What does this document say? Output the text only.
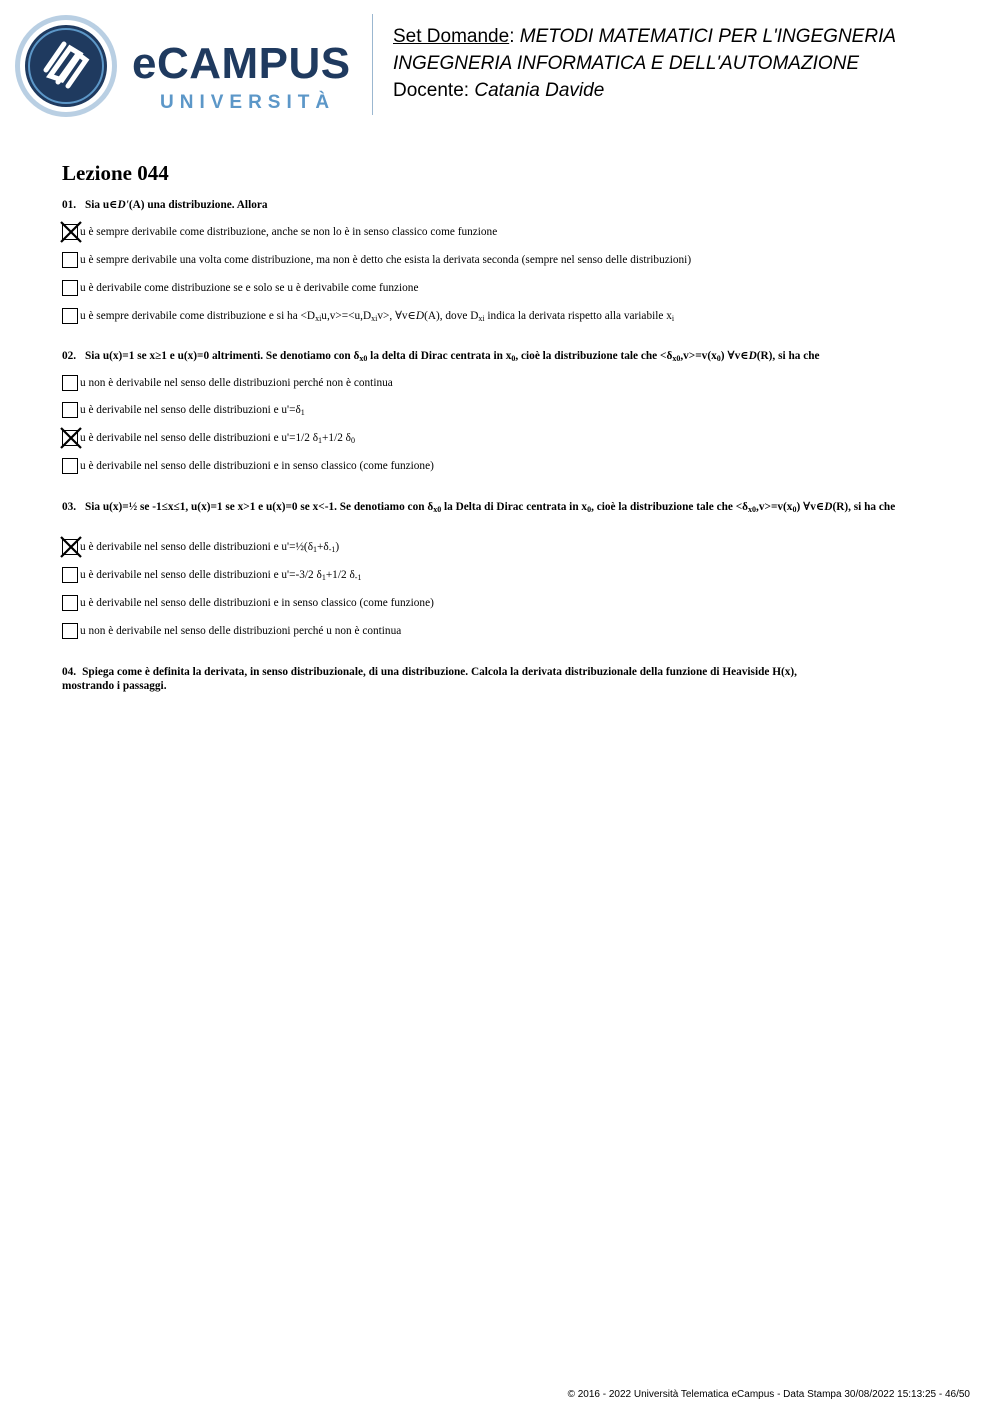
eCAMPUS
UNIVERSITÀ
Set Domande: METODI MATEMATICI PER L'INGEGNERIA
INGEGNERIA INFORMATICA E DELL'AUTOMAZIONE
Docente: Catania Davide
Lezione 044
01. Sia u∈D'(A) una distribuzione. Allora
u è sempre derivabile come distribuzione, anche se non lo è in senso classico come funzione
u è sempre derivabile una volta come distribuzione, ma non è detto che esista la derivata seconda (sempre nel senso delle distribuzioni)
u è derivabile come distribuzione se e solo se u è derivabile come funzione
u è sempre derivabile come distribuzione e si ha $<D_{xi}u,v>=<u,D_{xi}v>$, ∀v∈D(A), dove $D_{xi}$ indica la derivata rispetto alla variabile $x_i$
02. Sia u(x)=1 se x≥1 e u(x)=0 altrimenti. Se denotiamo con $\delta_{x0}$ la delta di Dirac centrata in $x_0$, cioè la distribuzione tale che $<\delta_{x0},v>=v(x_0)$ ∀v∈D(R), si ha che
u non è derivabile nel senso delle distribuzioni perché non è continua
u è derivabile nel senso delle distribuzioni e $u'=\delta_1$
u è derivabile nel senso delle distribuzioni e u'=1/2 $\delta_1+1/2$ $\delta_0$
u è derivabile nel senso delle distribuzioni e in senso classico (come funzione)
03. Sia u(x)=½ se -1≤x≤1, u(x)=1 se x>1 e u(x)=0 se x<-1. Se denotiamo con $\delta_{x0}$ la Delta di Dirac centrata in $x_0$, cioè la distribuzione tale che $<\delta_{x0},v>=v(x_0)$ ∀v∈D(R), si ha che
u è derivabile nel senso delle distribuzioni e $u'=\frac{1}{2}(\delta_1+\delta_{-1})$
u è derivabile nel senso delle distribuzioni e u'=-3/2 $\delta_1+1/2$ $\delta_{-1}$
u è derivabile nel senso delle distribuzioni e in senso classico (come funzione)
u non è derivabile nel senso delle distribuzioni perché u non è continua
04. Spiega come è definita la derivata, in senso distribuzionale, di una distribuzione. Calcola la derivata distribuzionale della funzione di Heaviside H(x),
mostrando i passaggi.
© 2016 - 2022 Università Telematica eCampus - Data Stampa 30/08/2022 15:13:25 - 46/50
